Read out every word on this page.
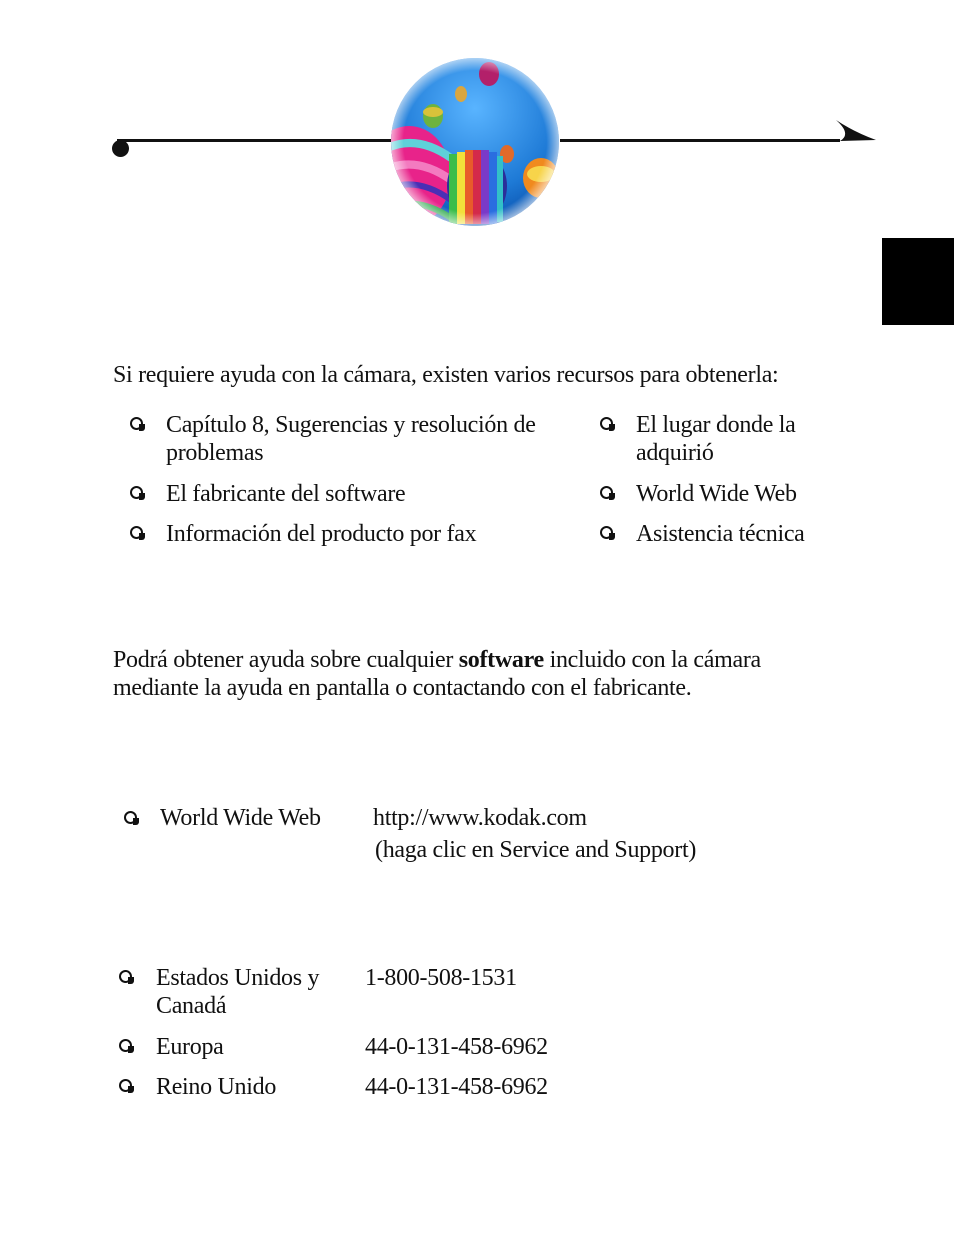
Si requiere ayuda con la cámara, existen varios recursos para obtenerla:
Capítulo 8, Sugerencias y resolución de
problemas
El fabricante del software
Información del producto por fax
El lugar donde la
adquirió
World Wide Web
Asistencia técnica
Podrá obtener ayuda sobre cualquier software incluido con la cámara
mediante la ayuda en pantalla o contactando con el fabricante.
World Wide Web http://www.kodak.com
(haga clic en Service and Support)
Estados Unidos y
Canadá
1-800-508-1531
Europa	44-0-131-458-6962
Reino Unido	44-0-131-458-6962
